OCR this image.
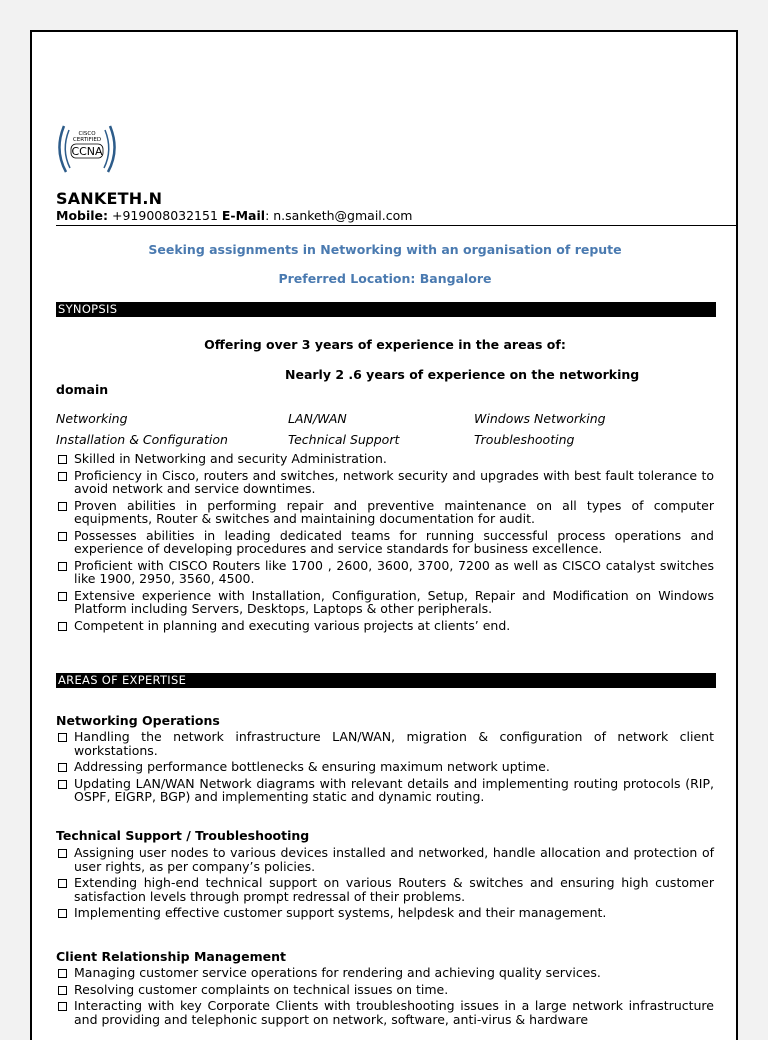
CISCO
CERTIFIED
CCNA
SANKETH.N
Mobile: +919008032151 E-Mail: n.sanketh@gmail.com
Seeking assignments in Networking with an organisation of repute
Preferred Location: Bangalore
SYNOPSIS
Offering over 3 years of experience in the areas of:
Nearly 2 .6 years of experience on the networking
domain
Networking	LAN/WAN	Windows Networking
Installation & Configuration	Technical Support	Troubleshooting
Skilled in Networking and security Administration.
Proficiency in Cisco, routers and switches, network security and upgrades with best fault tolerance to avoid network and service downtimes.
Proven abilities in performing repair and preventive maintenance on all types of computer equipments, Router & switches and maintaining documentation for audit.
Possesses abilities in leading dedicated teams for running successful process operations and experience of developing procedures and service standards for business excellence.
Proficient with CISCO Routers like 1700 , 2600, 3600, 3700, 7200 as well as CISCO catalyst switches like 1900, 2950, 3560, 4500.
Extensive experience with Installation, Configuration, Setup, Repair and Modification on Windows Platform including Servers, Desktops, Laptops & other peripherals.
Competent in planning and executing various projects at clients’ end.
AREAS OF EXPERTISE
Networking Operations
Handling the network infrastructure LAN/WAN, migration & configuration of network client workstations.
Addressing performance bottlenecks & ensuring maximum network uptime.
Updating LAN/WAN Network diagrams with relevant details and implementing routing protocols (RIP, OSPF, EIGRP, BGP) and implementing static and dynamic routing.
Technical Support / Troubleshooting
Assigning user nodes to various devices installed and networked, handle allocation and protection of user rights, as per company’s policies.
Extending high-end technical support on various Routers & switches and ensuring high customer satisfaction levels through prompt redressal of their problems.
Implementing effective customer support systems, helpdesk and their management.
Client Relationship Management
Managing customer service operations for rendering and achieving quality services.
Resolving customer complaints on technical issues on time.
Interacting with key Corporate Clients with troubleshooting issues in a large network infrastructure and providing and telephonic support on network, software, anti-virus & hardware
